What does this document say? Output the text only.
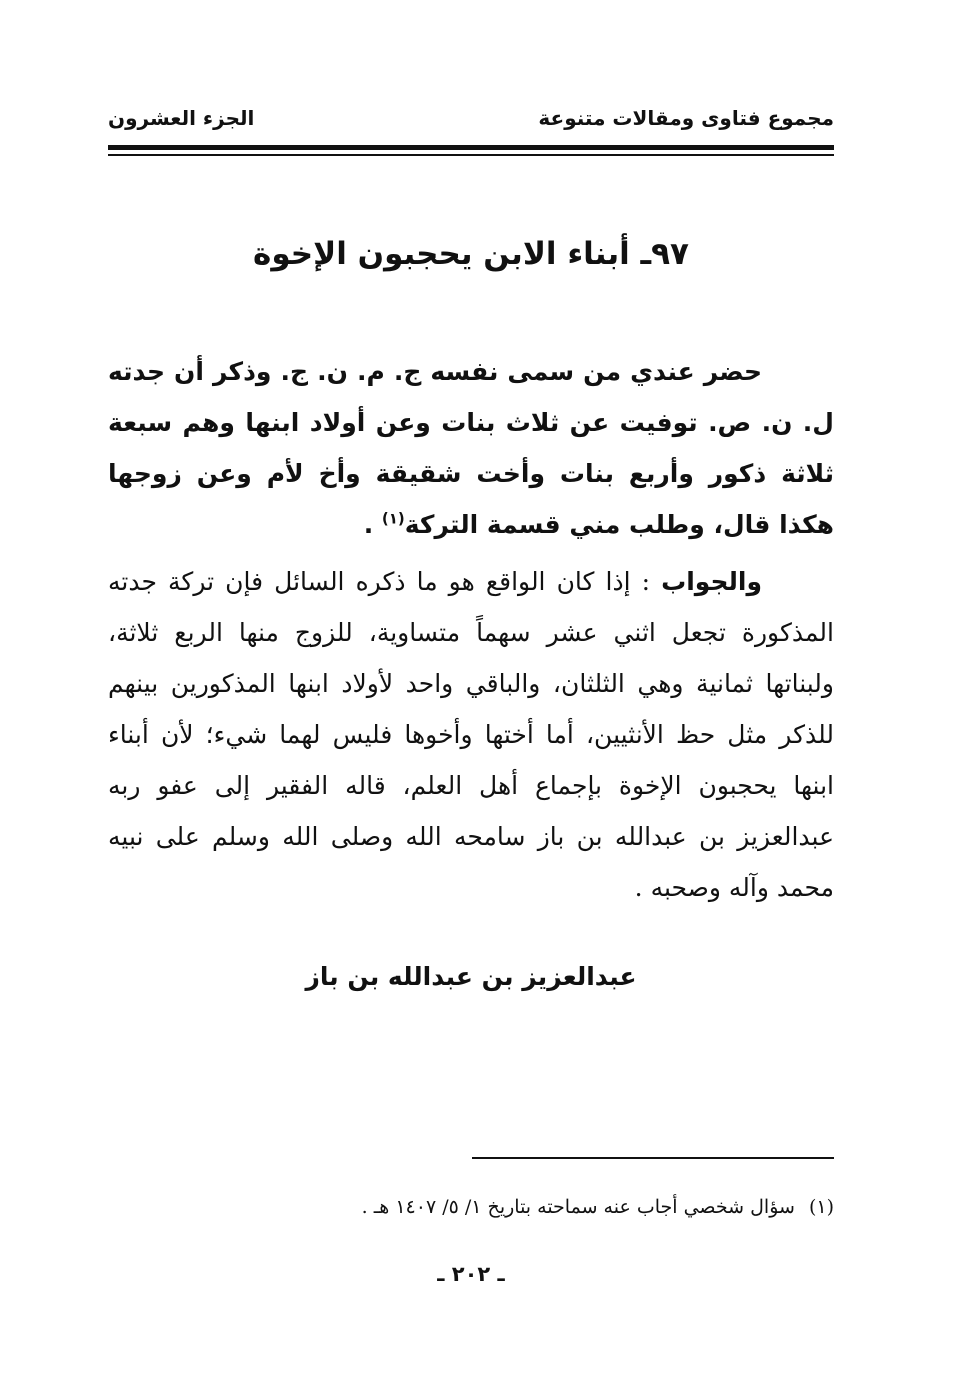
مجموع فتاوى ومقالات متنوعة
الجزء العشرون
٩٧ـ أبناء الابن يحجبون الإخوة

حضر عندي من سمى نفسه ج. م. ن. ج. وذكر أن جدته ل. ن. ص. توفيت عن ثلاث بنات وعن أولاد ابنها وهم سبعة ثلاثة ذكور وأربع بنات وأخت شقيقة وأخ لأم وعن زوجها هكذا قال، وطلب مني قسمة التركة$^{(١)}$ .

والجواب : إذا كان الواقع هو ما ذكره السائل فإن تركة جدته المذكورة تجعل اثني عشر سهماً متساوية، للزوج منها الربع ثلاثة، ولبناتها ثمانية وهي الثلثان، والباقي واحد لأولاد ابنها المذكورين بينهم للذكر مثل حظ الأنثيين، أما أختها وأخوها فليس لهما شيء؛ لأن أبناء ابنها يحجبون الإخوة بإجماع أهل العلم، قاله الفقير إلى عفو ربه عبدالعزيز بن عبدالله بن باز سامحه الله وصلى الله وسلم على نبيه محمد وآله وصحبه .

عبدالعزيز بن عبدالله بن باز
(١)سؤال شخصي أجاب عنه سماحته بتاريخ ١/ ٥/ ١٤٠٧ هـ .
ـ ٢٠٢ ـ
